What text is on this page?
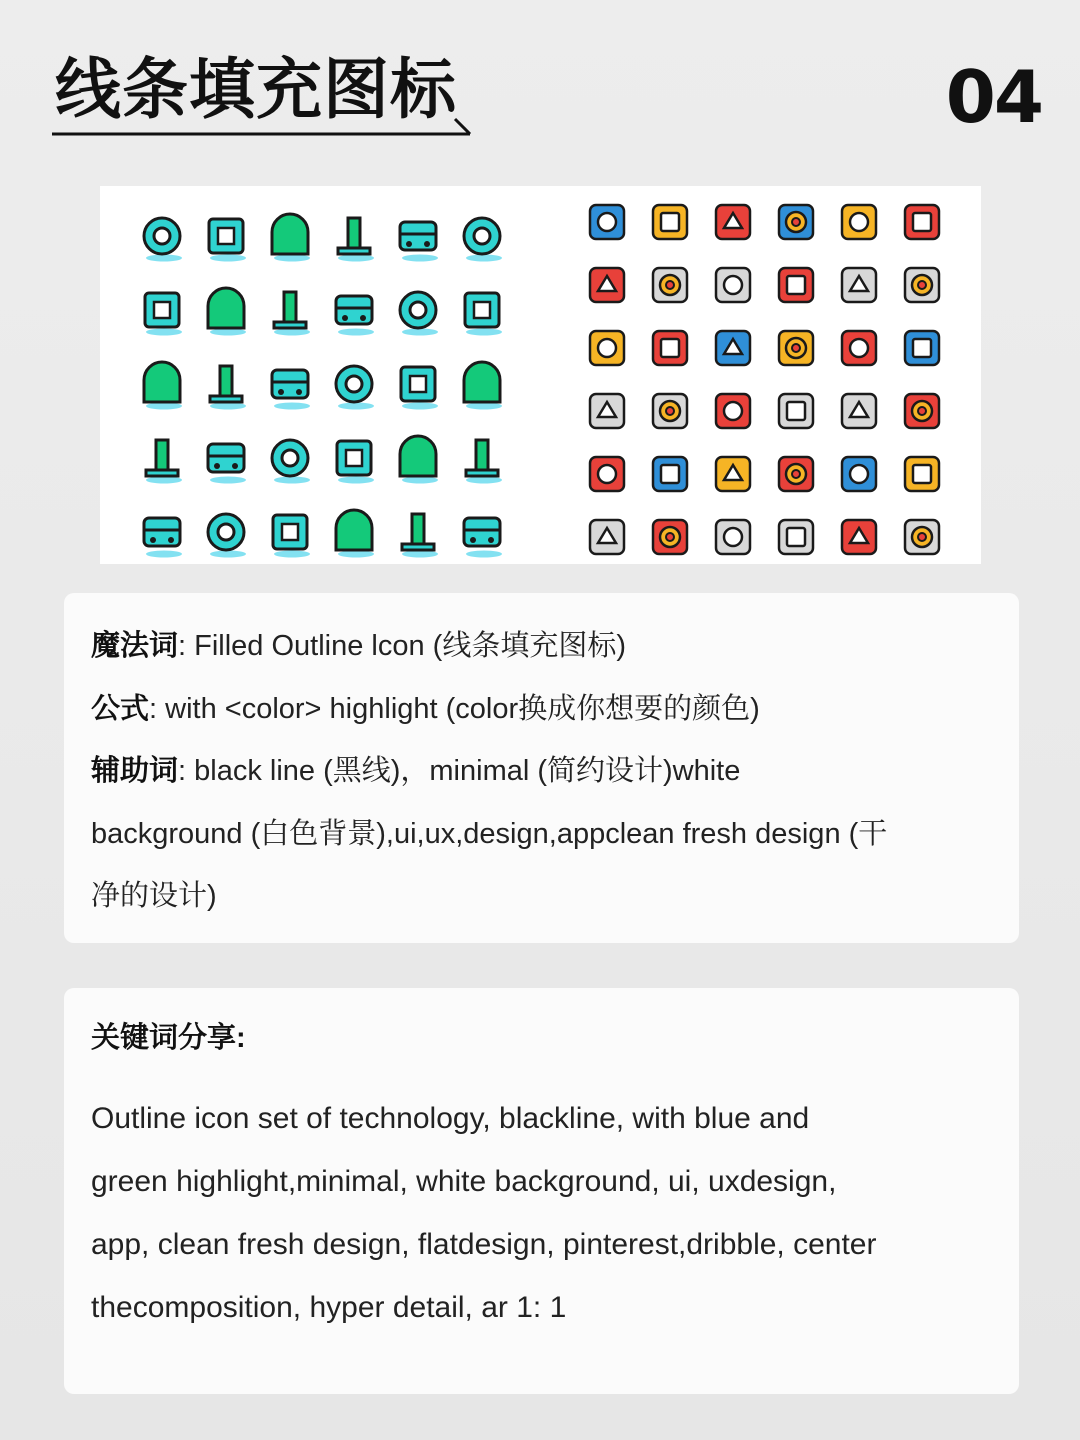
线条填充图标	04

魔法词: Filled Outline lcon (线条填充图标)

公式: with <color> highlight (color换成你想要的颜色)

辅助词: black line (黑线)，minimal (简约设计)white

background (白色背景),ui,ux,design,appclean fresh design (干

净的设计)

关键词分享:

Outline icon set of technology, blackline, with blue and

green highlight,minimal, white background, ui, uxdesign,

app, clean fresh design, flatdesign, pinterest,dribble, center

thecomposition, hyper detail, ar 1: 1
